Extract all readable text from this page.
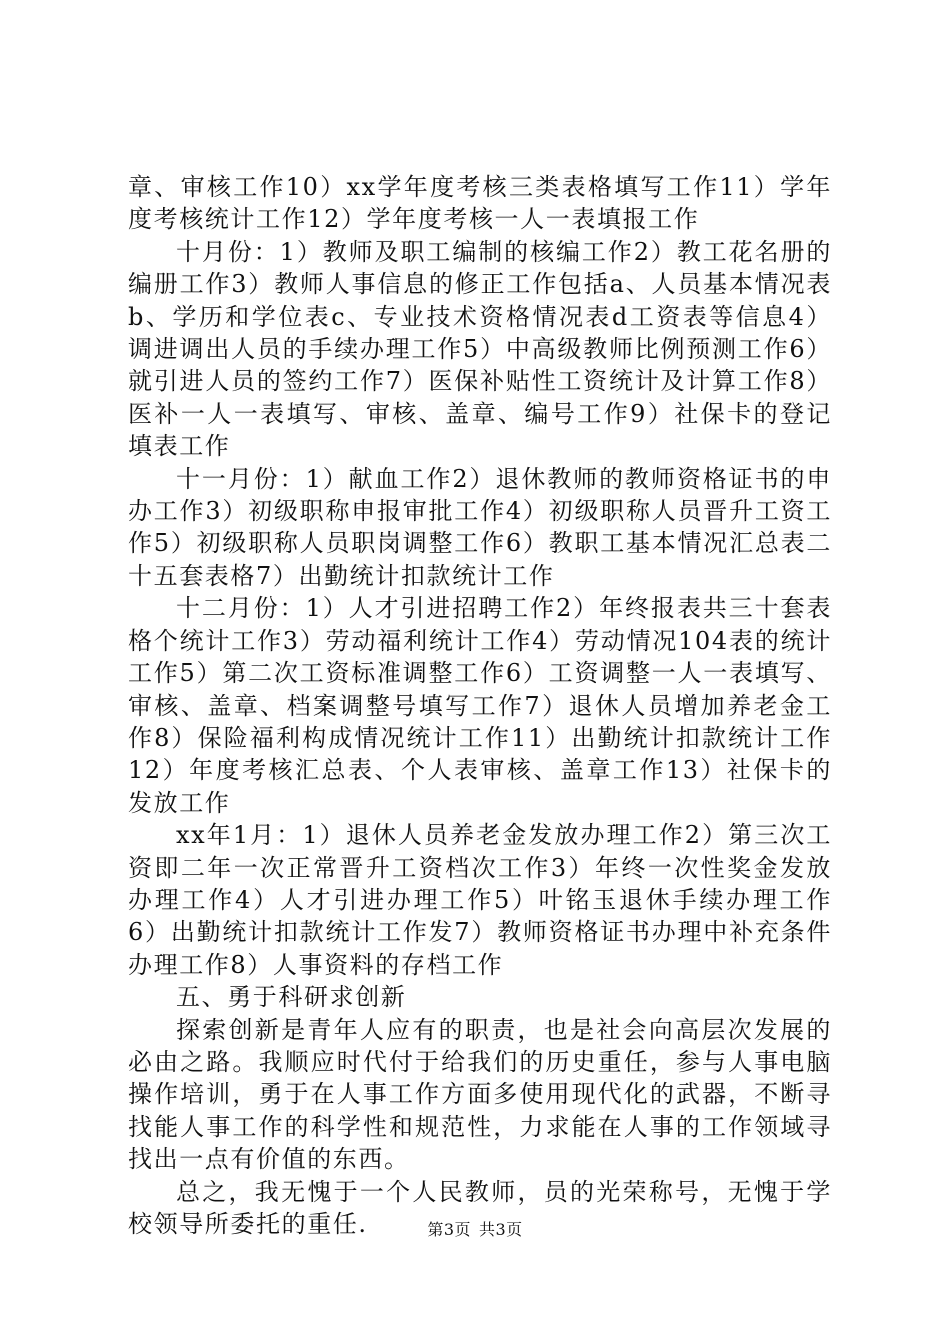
章、审核工作10）xx学年度考核三类表格填写工作11）学年度考核统计工作12）学年度考核一人一表填报工作

十月份：1）教师及职工编制的核编工作2）教工花名册的编册工作3）教师人事信息的修正工作包括a、人员基本情况表b、学历和学位表c、专业技术资格情况表d工资表等信息4）调进调出人员的手续办理工作5）中高级教师比例预测工作6）就引进人员的签约工作7）医保补贴性工资统计及计算工作8）医补一人一表填写、审核、盖章、编号工作9）社保卡的登记填表工作

十一月份：1）献血工作2）退休教师的教师资格证书的申办工作3）初级职称申报审批工作4）初级职称人员晋升工资工作5）初级职称人员职岗调整工作6）教职工基本情况汇总表二十五套表格7）出勤统计扣款统计工作

十二月份：1）人才引进招聘工作2）年终报表共三十套表格个统计工作3）劳动福利统计工作4）劳动情况104表的统计工作5）第二次工资标准调整工作6）工资调整一人一表填写、审核、盖章、档案调整号填写工作7）退休人员增加养老金工作8）保险福利构成情况统计工作11）出勤统计扣款统计工作12）年度考核汇总表、个人表审核、盖章工作13）社保卡的发放工作

xx年1月：1）退休人员养老金发放办理工作2）第三次工资即二年一次正常晋升工资档次工作3）年终一次性奖金发放办理工作4）人才引进办理工作5）叶铭玉退休手续办理工作6）出勤统计扣款统计工作发7）教师资格证书办理中补充条件办理工作8）人事资料的存档工作

五、勇于科研求创新

探索创新是青年人应有的职责，也是社会向高层次发展的必由之路。我顺应时代付于给我们的历史重任，参与人事电脑操作培训，勇于在人事工作方面多使用现代化的武器，不断寻找能人事工作的科学性和规范性，力求能在人事的工作领域寻找出一点有价值的东西。

总之，我无愧于一个人民教师，员的光荣称号，无愧于学校领导所委托的重任.	第3页 共3页
